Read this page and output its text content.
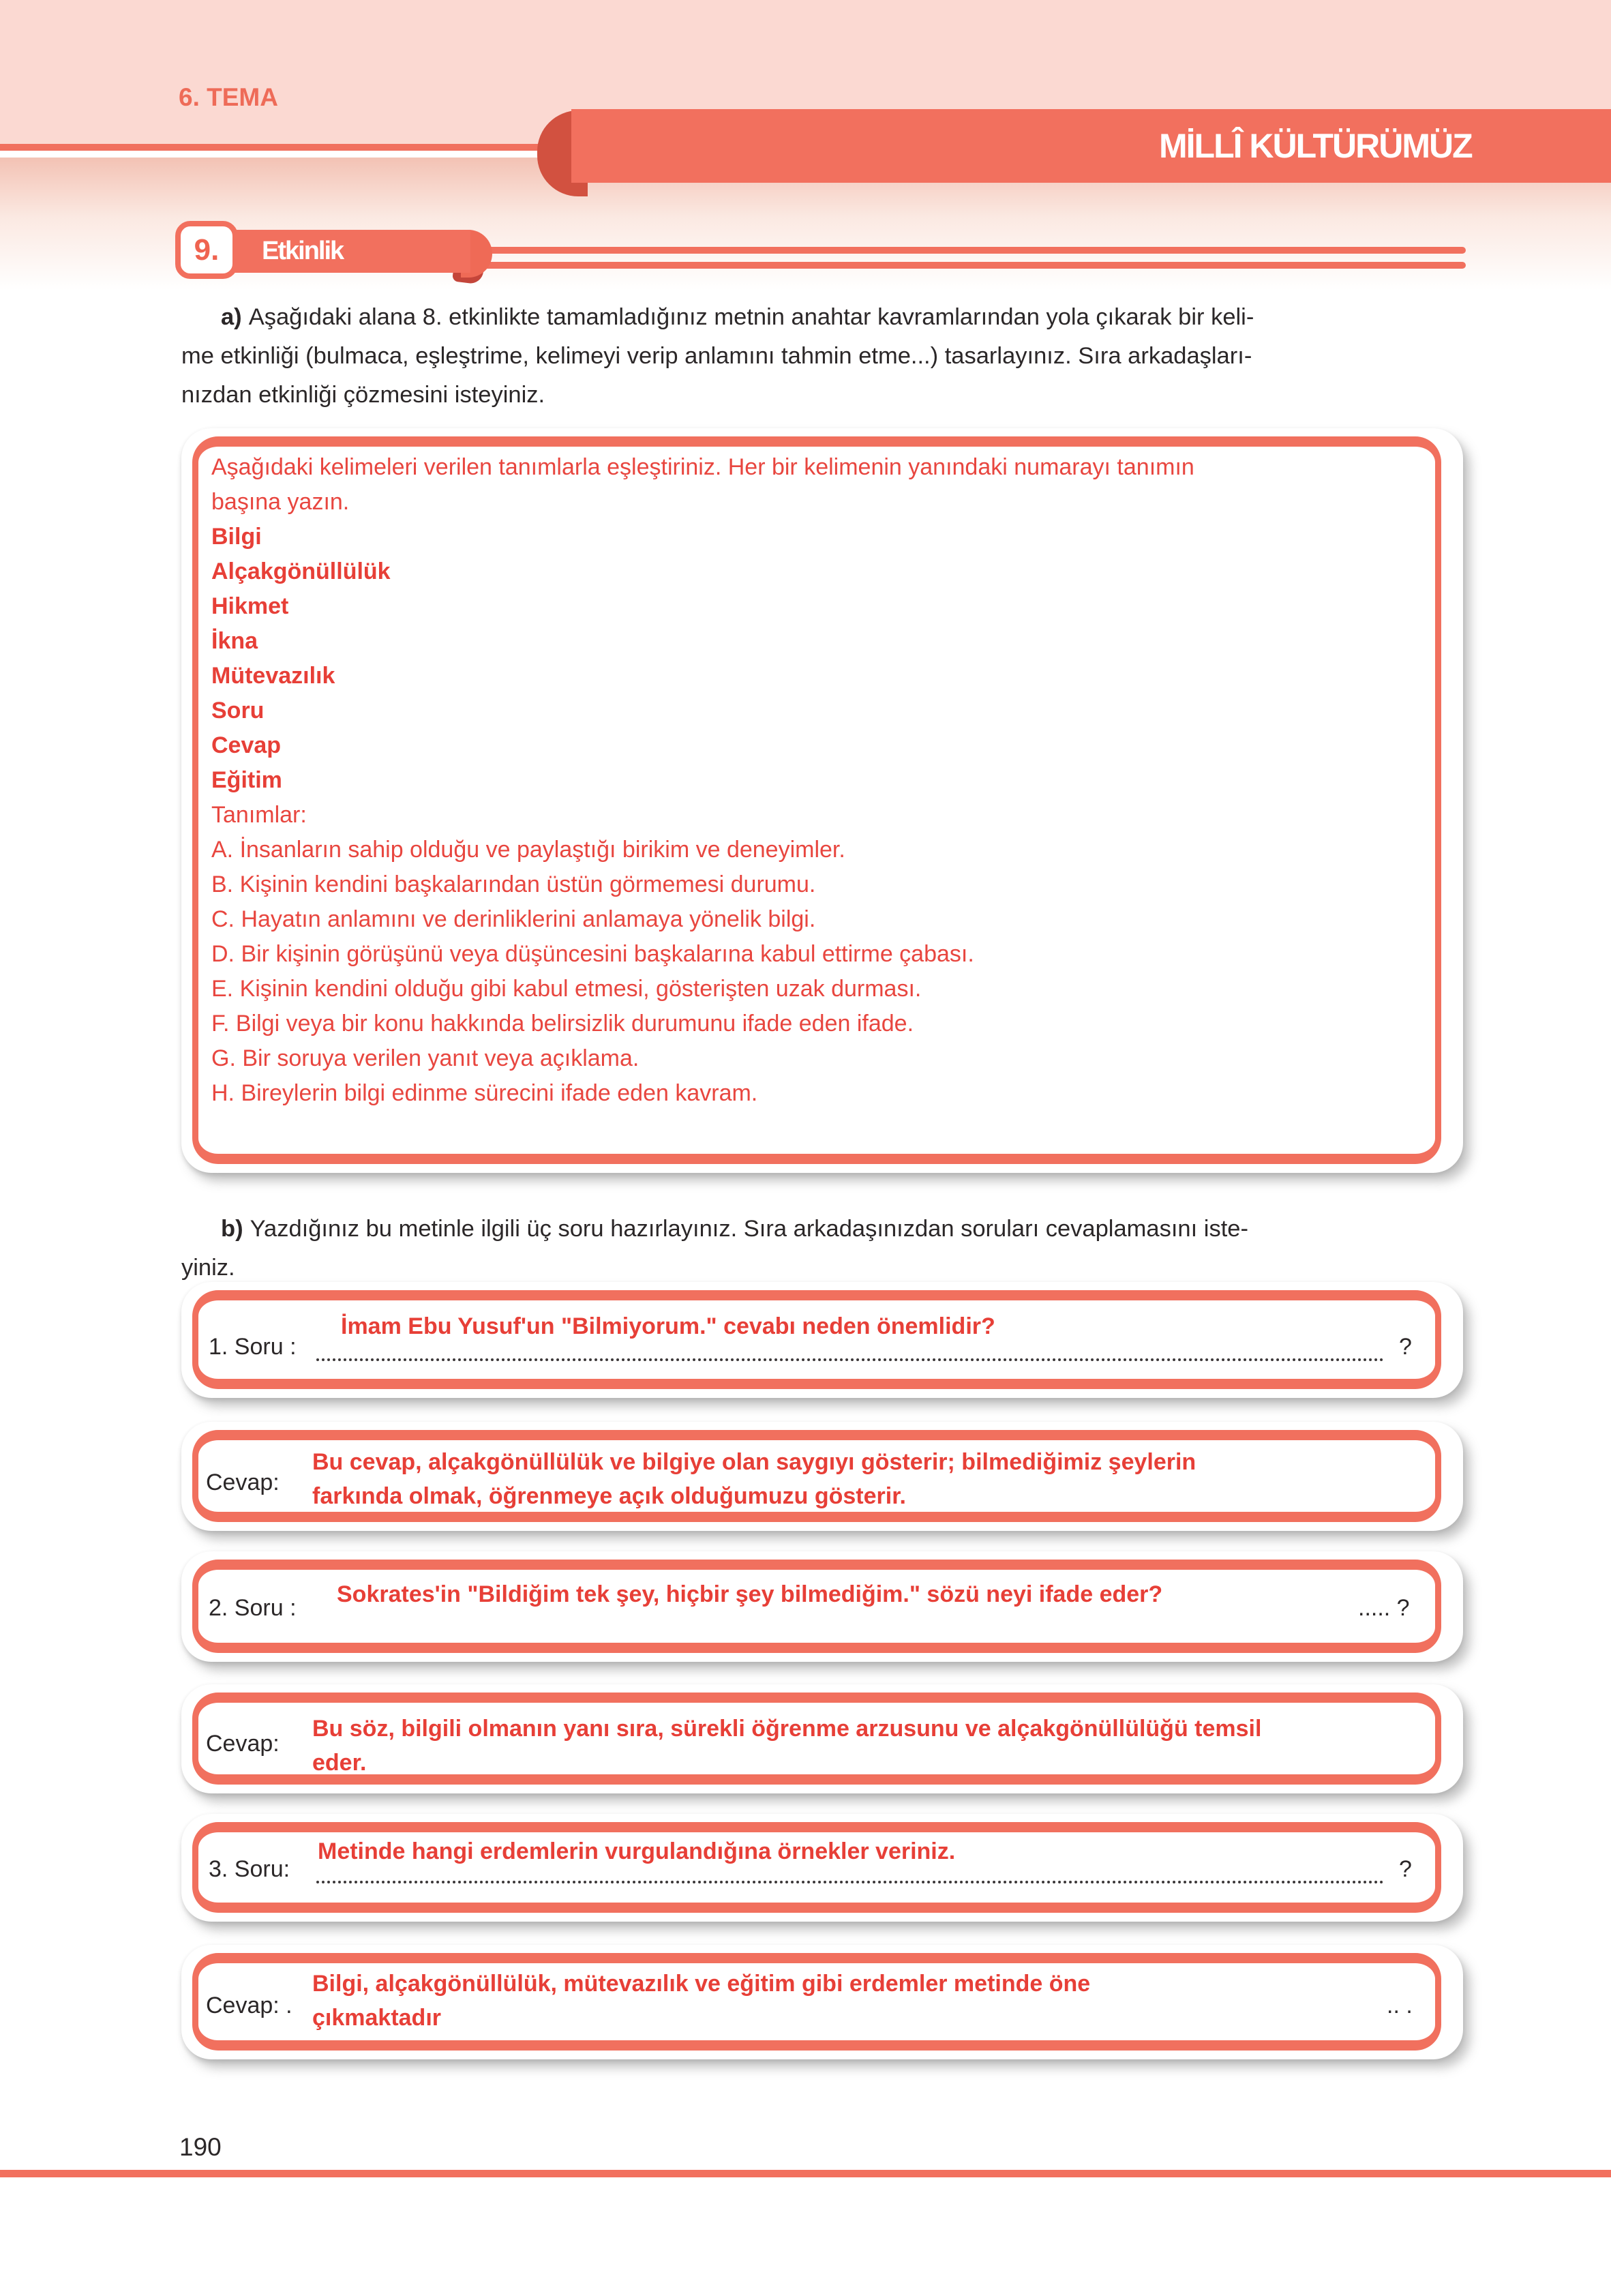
6. TEMA
MİLLÎ KÜLTÜRÜMÜZ
Etkinlik
9.
a) Aşağıdaki alana 8. etkinlikte tamamladığınız metnin anahtar kavramlarından yola çıkarak bir keli-
me etkinliği (bulmaca, eşleştrime, kelimeyi verip anlamını tahmin etme...) tasarlayınız. Sıra arkadaşları-
nızdan etkinliği çözmesini isteyiniz.
Aşağıdaki kelimeleri verilen tanımlarla eşleştiriniz. Her bir kelimenin yanındaki numarayı tanımın
başına yazın.
Bilgi
Alçakgönüllülük
Hikmet
İkna
Mütevazılık
Soru
Cevap
Eğitim
Tanımlar:
A. İnsanların sahip olduğu ve paylaştığı birikim ve deneyimler.
B. Kişinin kendini başkalarından üstün görmemesi durumu.
C. Hayatın anlamını ve derinliklerini anlamaya yönelik bilgi.
D. Bir kişinin görüşünü veya düşüncesini başkalarına kabul ettirme çabası.
E. Kişinin kendini olduğu gibi kabul etmesi, gösterişten uzak durması.
F. Bilgi veya bir konu hakkında belirsizlik durumunu ifade eden ifade.
G. Bir soruya verilen yanıt veya açıklama.
H. Bireylerin bilgi edinme sürecini ifade eden kavram.
b) Yazdığınız bu metinle ilgili üç soru hazırlayınız. Sıra arkadaşınızdan soruları cevaplamasını iste-
yiniz.
1. Soru :
İmam Ebu Yusuf'un "Bilmiyorum." cevabı neden önemlidir?
?
Cevap:
Bu cevap, alçakgönüllülük ve bilgiye olan saygıyı gösterir; bilmediğimiz şeylerin
farkında olmak, öğrenmeye açık olduğumuzu gösterir.
2. Soru :
Sokrates'in "Bildiğim tek şey, hiçbir şey bilmediğim." sözü neyi ifade eder?
..... ?
Cevap:
Bu söz, bilgili olmanın yanı sıra, sürekli öğrenme arzusunu ve alçakgönüllülüğü temsil
eder.
3. Soru:
Metinde hangi erdemlerin vurgulandığına örnekler veriniz.
?
Cevap: .
Bilgi, alçakgönüllülük, mütevazılık ve eğitim gibi erdemler metinde öne
çıkmaktadır	.. .
190
